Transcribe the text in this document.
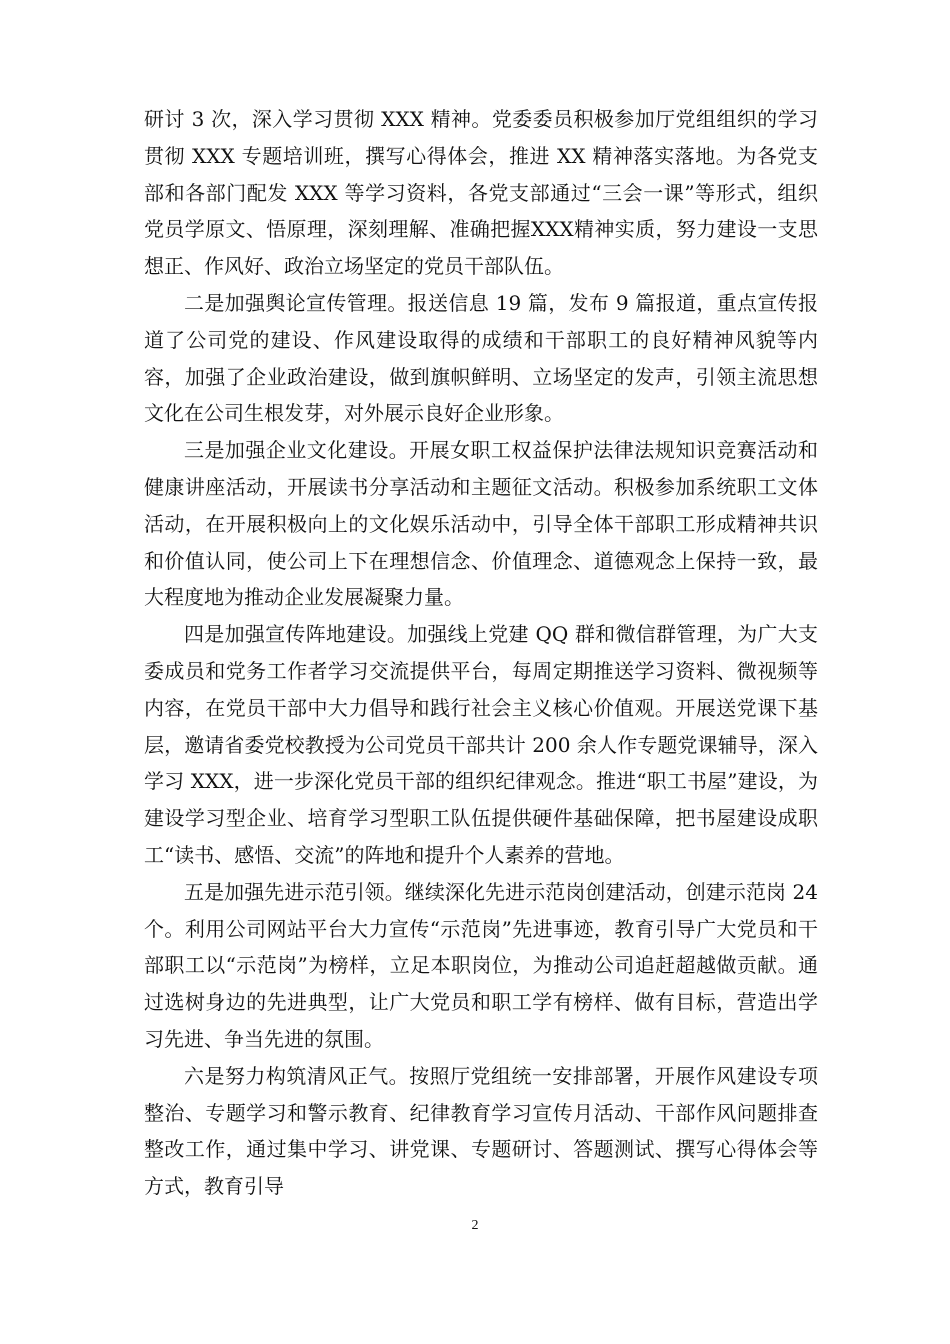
研讨 3 次，深入学习贯彻 XXX 精神。党委委员积极参加厅党组组织的学习贯彻 XXX 专题培训班，撰写心得体会，推进 XX 精神落实落地。为各党支部和各部门配发 XXX 等学习资料，各党支部通过“三会一课”等形式，组织党员学原文、悟原理，深刻理解、准确把握XXX精神实质，努力建设一支思想正、作风好、政治立场坚定的党员干部队伍。

二是加强舆论宣传管理。报送信息 19 篇，发布 9 篇报道，重点宣传报道了公司党的建设、作风建设取得的成绩和干部职工的良好精神风貌等内容，加强了企业政治建设，做到旗帜鲜明、立场坚定的发声，引领主流思想文化在公司生根发芽，对外展示良好企业形象。

三是加强企业文化建设。开展女职工权益保护法律法规知识竞赛活动和健康讲座活动，开展读书分享活动和主题征文活动。积极参加系统职工文体活动，在开展积极向上的文化娱乐活动中，引导全体干部职工形成精神共识和价值认同，使公司上下在理想信念、价值理念、道德观念上保持一致，最大程度地为推动企业发展凝聚力量。

四是加强宣传阵地建设。加强线上党建 QQ 群和微信群管理，为广大支委成员和党务工作者学习交流提供平台，每周定期推送学习资料、微视频等内容，在党员干部中大力倡导和践行社会主义核心价值观。开展送党课下基层，邀请省委党校教授为公司党员干部共计 200 余人作专题党课辅导，深入学习 XXX，进一步深化党员干部的组织纪律观念。推进“职工书屋”建设，为建设学习型企业、培育学习型职工队伍提供硬件基础保障，把书屋建设成职工“读书、感悟、交流”的阵地和提升个人素养的营地。

五是加强先进示范引领。继续深化先进示范岗创建活动，创建示范岗 24 个。利用公司网站平台大力宣传“示范岗”先进事迹，教育引导广大党员和干部职工以“示范岗”为榜样，立足本职岗位，为推动公司追赶超越做贡献。通过选树身边的先进典型，让广大党员和职工学有榜样、做有目标，营造出学习先进、争当先进的氛围。

六是努力构筑清风正气。按照厅党组统一安排部署，开展作风建设专项整治、专题学习和警示教育、纪律教育学习宣传月活动、干部作风问题排查整改工作，通过集中学习、讲党课、专题研讨、答题测试、撰写心得体会等方式，教育引导

2
